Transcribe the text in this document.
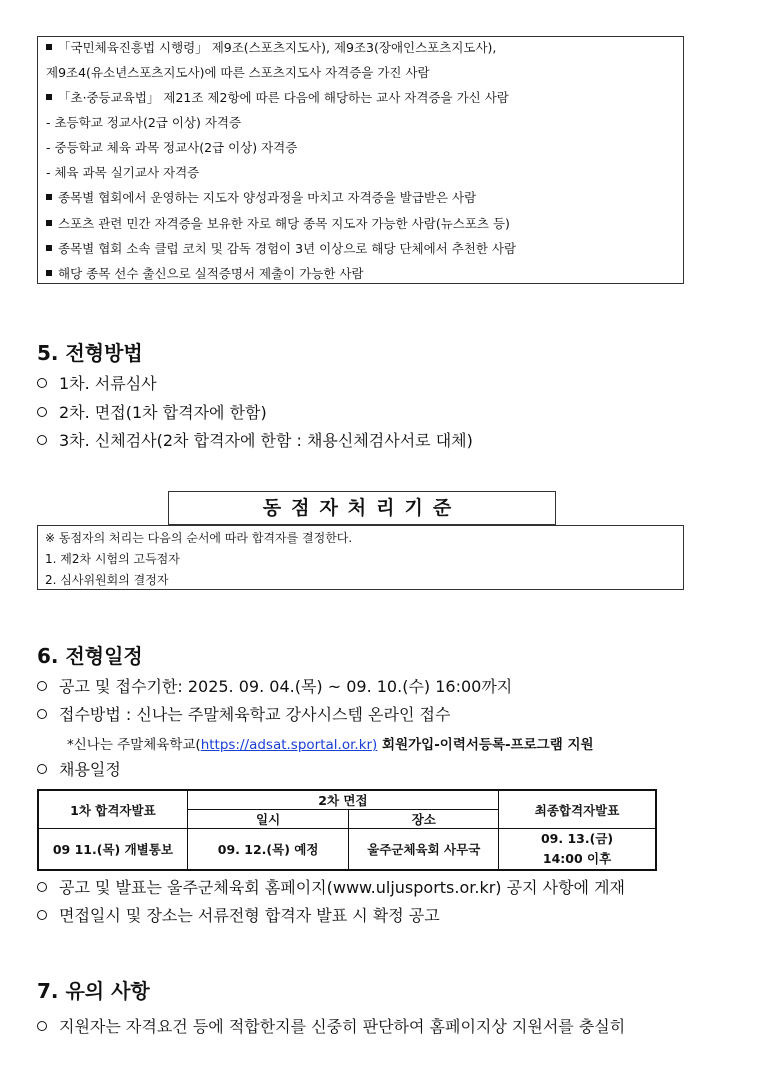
「국민체육진흥법 시행령」 제9조(스포츠지도사), 제9조3(장애인스포츠지도사),
제9조4(유소년스포츠지도사)에 따른 스포츠지도사 자격증을 가진 사람
「초·중등교육법」 제21조 제2항에 따른 다음에 해당하는 교사 자격증을 가신 사람
- 초등학교 정교사(2급 이상) 자격증
- 중등학교 체육 과목 정교사(2급 이상) 자격증
- 체육 과목 실기교사 자격증
종목별 협회에서 운영하는 지도자 양성과정을 마치고 자격증을 발급받은 사람
스포츠 관련 민간 자격증을 보유한 자로 해당 종목 지도자 가능한 사람(뉴스포츠 등)
종목별 협회 소속 클럽 코치 및 감독 경험이 3년 이상으로 해당 단체에서 추천한 사람
해당 종목 선수 출신으로 실적증명서 제출이 가능한 사람
5. 전형방법
1차. 서류심사
2차. 면접(1차 합격자에 한함)
3차. 신체검사(2차 합격자에 한함 : 채용신체검사서로 대체)
동점자처리기준
※ 동점자의 처리는 다음의 순서에 따라 합격자를 결정한다.
1. 제2차 시험의 고득점자
2. 심사위원회의 결정자
6. 전형일정
공고 및 접수기한: 2025. 09. 04.(목) ~ 09. 10.(수) 16:00까지
접수방법 : 신나는 주말체육학교 강사시스템 온라인 접수
*신나는 주말체육학교(https://adsat.sportal.or.kr) 회원가입-이력서등록-프로그램 지원
채용일정
1차 합격자발표	2차 면접		최종합격자발표
	일시	장소	
09 11.(목) 개별통보	09. 12.(목) 예정	울주군체육회 사무국	09. 13.(금)
14:00 이후
공고 및 발표는 울주군체육회 홈페이지(www.uljusports.or.kr) 공지 사항에 게재
면접일시 및 장소는 서류전형 합격자 발표 시 확정 공고
7. 유의 사항
지원자는 자격요건 등에 적합한지를 신중히 판단하여 홈페이지상 지원서를 충실히
